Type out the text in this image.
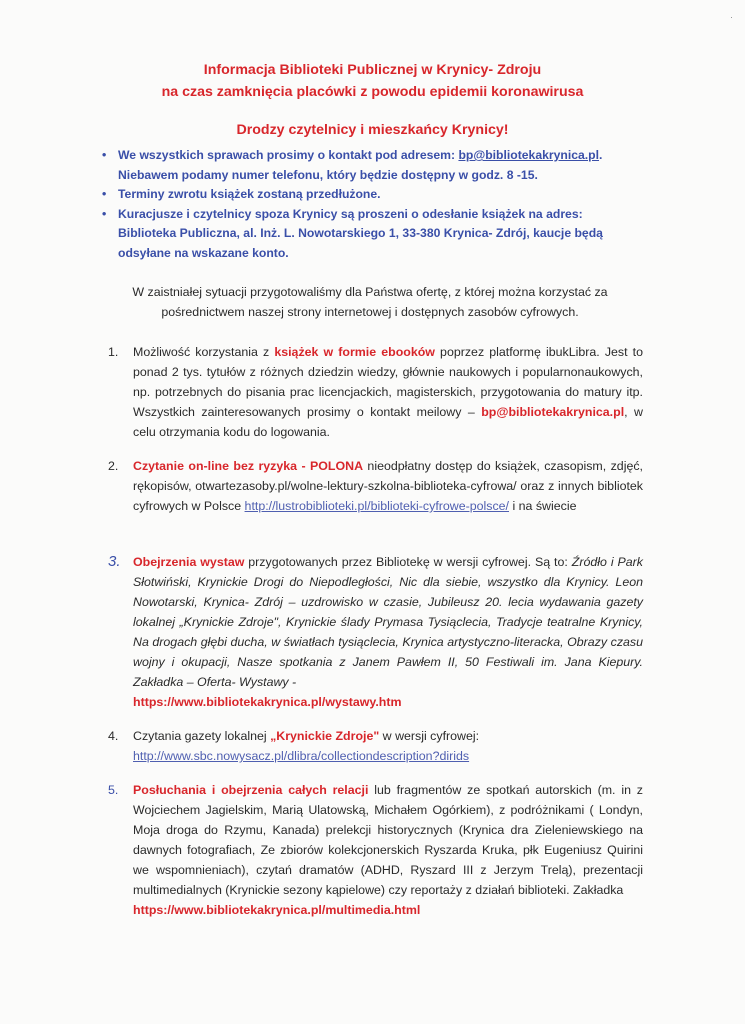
·
Informacja Biblioteki Publicznej w Krynicy- Zdroju
na czas zamknięcia placówki z powodu epidemii koronawirusa
Drodzy czytelnicy i mieszkańcy Krynicy!
• We wszystkich sprawach prosimy o kontakt pod adresem: bp@bibliotekakrynica.pl.
Niebawem podamy numer telefonu, który będzie dostępny w godz. 8 -15.
• Terminy zwrotu książek zostaną przedłużone.
• Kuracjusze i czytelnicy spoza Krynicy są proszeni o odesłanie książek na adres:
Biblioteka Publiczna, al. Inż. L. Nowotarskiego 1, 33-380 Krynica- Zdrój, kaucje będą
odsyłane na wskazane konto.
W zaistniałej sytuacji przygotowaliśmy dla Państwa ofertę, z której można korzystać za
pośrednictwem naszej strony internetowej i dostępnych zasobów cyfrowych.
1.	Możliwość korzystania z książek w formie ebooków poprzez platformę ibukLibra. Jest to ponad 2 tys. tytułów z różnych dziedzin wiedzy, głównie naukowych i popularnonaukowych, np. potrzebnych do pisania prac licencjackich, magisterskich, przygotowania do matury itp. Wszystkich zainteresowanych prosimy o kontakt meilowy – bp@bibliotekakrynica.pl, w celu otrzymania kodu do logowania.
2.	Czytanie on-line bez ryzyka - POLONA nieodpłatny dostęp do książek, czasopism, zdjęć, rękopisów, otwartezasoby.pl/wolne-lektury-szkolna-biblioteka-cyfrowa/ oraz z innych bibliotek cyfrowych w Polsce http://lustrobiblioteki.pl/biblioteki-cyfrowe-polsce/ i na świecie
3.	Obejrzenia wystaw przygotowanych przez Bibliotekę w wersji cyfrowej. Są to: Źródło i Park Słotwiński, Krynickie Drogi do Niepodległości, Nic dla siebie, wszystko dla Krynicy. Leon Nowotarski, Krynica- Zdrój – uzdrowisko w czasie, Jubileusz 20. lecia wydawania gazety lokalnej „Krynickie Zdroje", Krynickie ślady Prymasa Tysiąclecia, Tradycje teatralne Krynicy, Na drogach głębi ducha, w światłach tysiąclecia, Krynica artystyczno-literacka, Obrazy czasu wojny i okupacji, Nasze spotkania z Janem Pawłem II, 50 Festiwali im. Jana Kiepury. Zakładka – Oferta- Wystawy -
https://www.bibliotekakrynica.pl/wystawy.htm
4.	Czytania gazety lokalnej „Krynickie Zdroje" w wersji cyfrowej:
http://www.sbc.nowysacz.pl/dlibra/collectiondescription?dirids
5.	Posłuchania i obejrzenia całych relacji lub fragmentów ze spotkań autorskich (m. in z Wojciechem Jagielskim, Marią Ulatowską, Michałem Ogórkiem), z podróżnikami ( Londyn, Moja droga do Rzymu, Kanada) prelekcji historycznych (Krynica dra Zieleniewskiego na dawnych fotografiach, Ze zbiorów kolekcjonerskich Ryszarda Kruka, płk Eugeniusz Quirini we wspomnieniach), czytań dramatów (ADHD, Ryszard III z Jerzym Trelą), prezentacji multimedialnych (Krynickie sezony kąpielowe) czy reportaży z działań biblioteki. Zakładka
https://www.bibliotekakrynica.pl/multimedia.html
